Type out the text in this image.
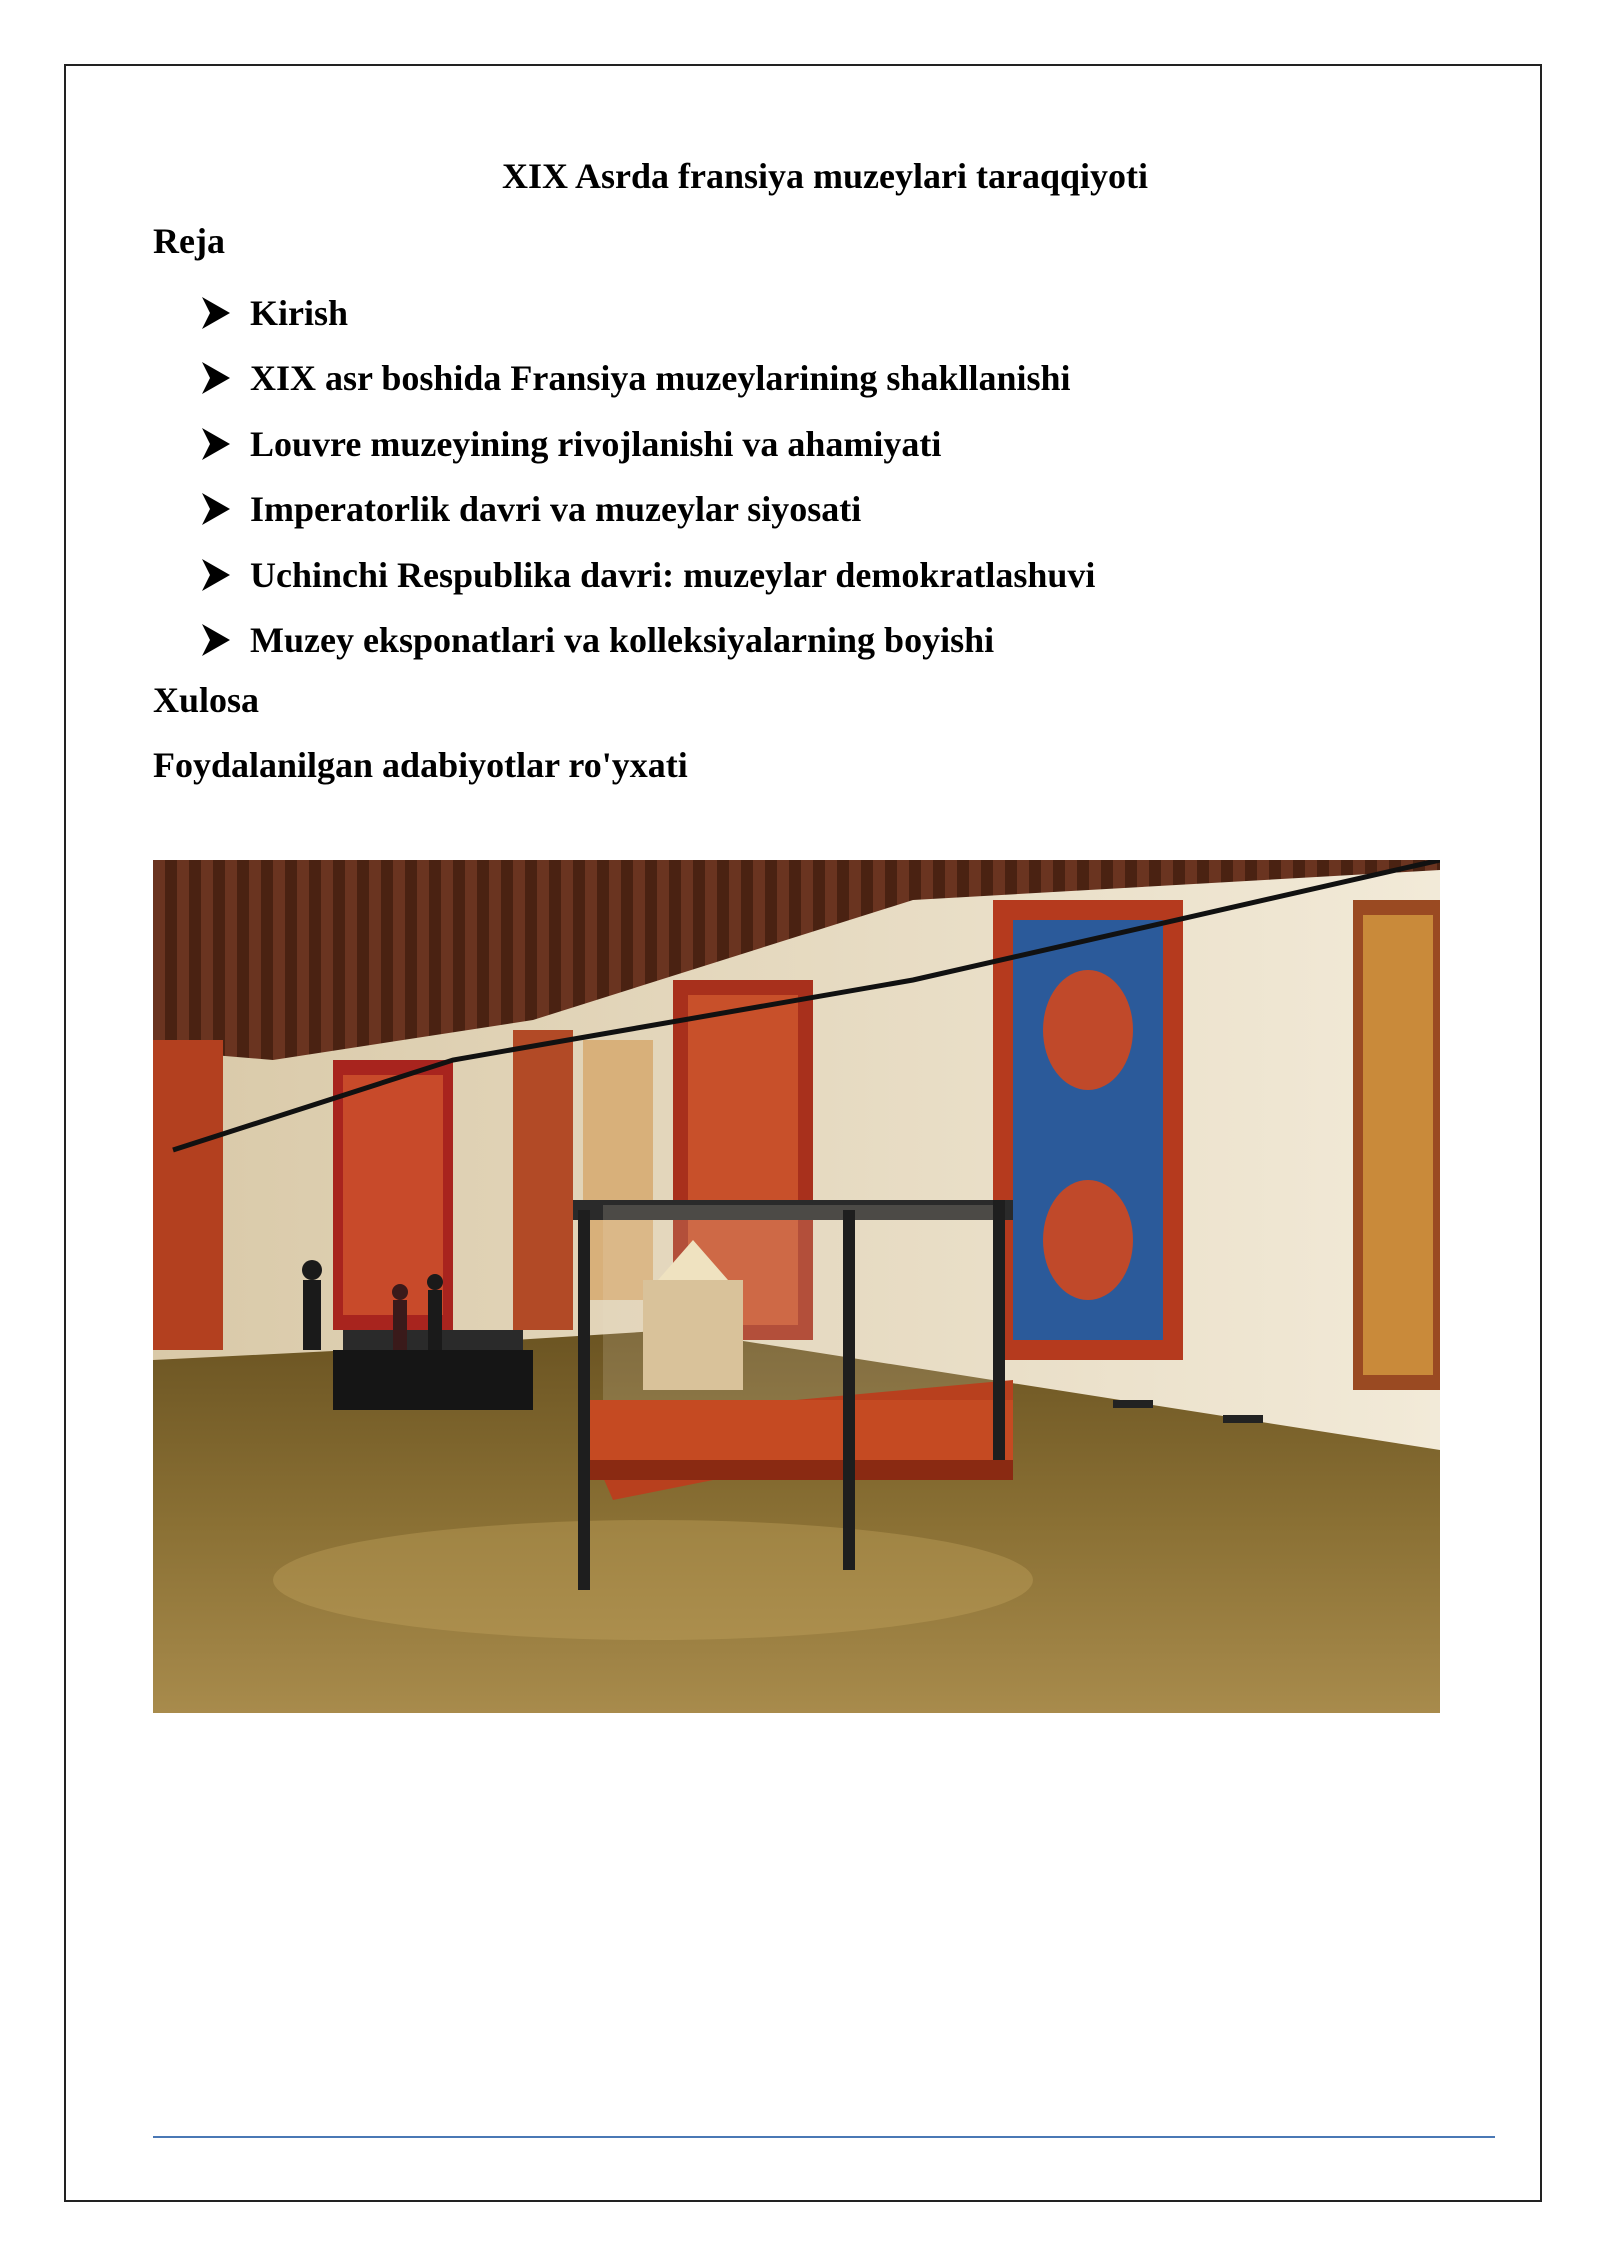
XIX Asrda fransiya muzeylari taraqqiyoti
Reja
Kirish
XIX asr boshida Fransiya muzeylarining shakllanishi
Louvre muzeyining rivojlanishi va ahamiyati
Imperatorlik davri va muzeylar siyosati
Uchinchi Respublika davri: muzeylar demokratlashuvi
Muzey eksponatlari va kolleksiyalarning boyishi
Xulosa
Foydalanilgan adabiyotlar ro'yxati
